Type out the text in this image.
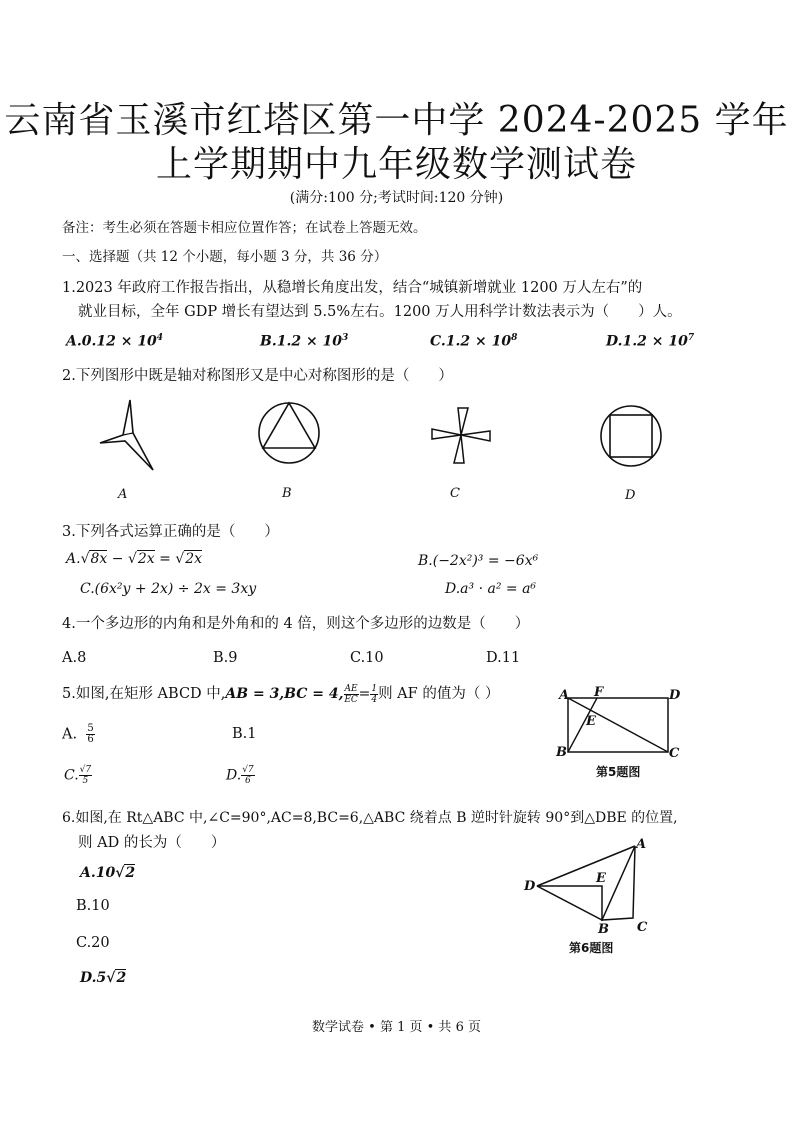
云南省玉溪市红塔区第一中学 2024-2025 学年
上学期期中九年级数学测试卷
(满分:100 分;考试时间:120 分钟)
备注：考生必须在答题卡相应位置作答；在试卷上答题无效。
一、选择题（共 12 个小题，每小题 3 分，共 36 分）
1.2023 年政府工作报告指出，从稳增长角度出发，结合“城镇新增就业 1200 万人左右”的
就业目标，全年 GDP 增长有望达到 5.5%左右。1200 万人用科学计数法表示为（　　）人。
$A.0.12 \times 10^4$	$B.1.2 \times 10^3$	$C.1.2 \times 10^8$	$D.1.2 \times 10^7$
2.下列图形中既是轴对称图形又是中心对称图形的是（　　）
A	B	C	D
3.下列各式运算正确的是（　　）
A.√8x − √2x = √2x	B.(−2x²)³ = −6x⁶
C.(6x²y + 2x) ÷ 2x = 3xy	D.a³ · a² = a⁶
4.一个多边形的内角和是外角和的 4 倍，则这个多边形的边数是（　　）
A.8	B.9	C.10	D.11
5.如图,在矩形 ABCD 中,AB = 3,BC = 4, $\frac{AE}{EC} = \frac{1}{4}$ 则 AF 的值为（ ）
A. $\frac{5}{6}$	B.1
C. $\frac{√7}{5}$	D. $\frac{√7}{6}$
A F	D
E
B	C
第5题图
6.如图,在 Rt△ABC 中,∠C=90°,AC=8,BC=6,△ABC 绕着点 B 逆时针旋转 90°到△DBE 的位置,
则 AD 的长为（　　）
A.10√2
B.10
C.20
D.5√2
A
D
E
B C
第6题图
数学试卷 • 第 1 页 • 共 6 页
